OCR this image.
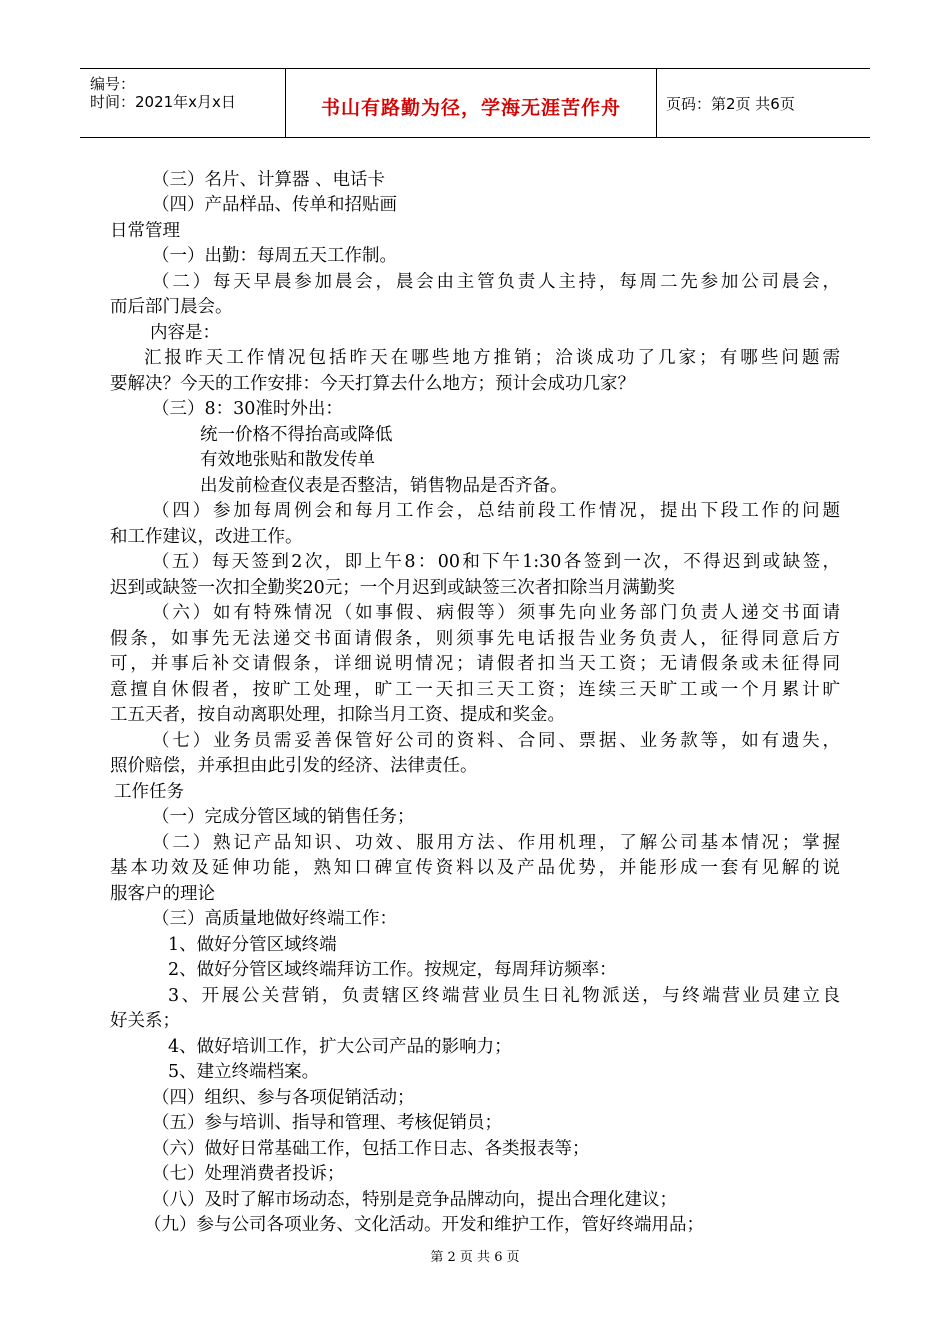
编号：
时间：2021年x月x日	书山有路勤为径，学海无涯苦作舟	页码：第2页 共6页
（三）名片、计算器 、电话卡
（四）产品样品、传单和招贴画
日常管理
（一）出勤：每周五天工作制。
（二）每天早晨参加晨会，晨会由主管负责人主持，每周二先参加公司晨会，
而后部门晨会。
内容是：
汇报昨天工作情况包括昨天在哪些地方推销；洽谈成功了几家；有哪些问题需
要解决？今天的工作安排：今天打算去什么地方；预计会成功几家？
（三）8：30准时外出：
统一价格不得抬高或降低
有效地张贴和散发传单
出发前检查仪表是否整洁，销售物品是否齐备。
（四）参加每周例会和每月工作会，总结前段工作情况，提出下段工作的问题
和工作建议，改进工作。
（五）每天签到2次，即上午8：00和下午1:30各签到一次，不得迟到或缺签，
迟到或缺签一次扣全勤奖20元；一个月迟到或缺签三次者扣除当月满勤奖
（六）如有特殊情况（如事假、病假等）须事先向业务部门负责人递交书面请
假条，如事先无法递交书面请假条，则须事先电话报告业务负责人，征得同意后方
可，并事后补交请假条，详细说明情况；请假者扣当天工资；无请假条或未征得同
意擅自休假者，按旷工处理，旷工一天扣三天工资；连续三天旷工或一个月累计旷
工五天者，按自动离职处理，扣除当月工资、提成和奖金。
（七）业务员需妥善保管好公司的资料、合同、票据、业务款等，如有遗失，
照价赔偿，并承担由此引发的经济、法律责任。
工作任务
（一）完成分管区域的销售任务；
（二）熟记产品知识、功效、服用方法、作用机理，了解公司基本情况；掌握
基本功效及延伸功能，熟知口碑宣传资料以及产品优势，并能形成一套有见解的说
服客户的理论
（三）高质量地做好终端工作：
1、做好分管区域终端
2、做好分管区域终端拜访工作。按规定，每周拜访频率：
3、开展公关营销，负责辖区终端营业员生日礼物派送，与终端营业员建立良
好关系；
4、做好培训工作，扩大公司产品的影响力；
5、建立终端档案。
（四）组织、参与各项促销活动；
（五）参与培训、指导和管理、考核促销员；
（六）做好日常基础工作，包括工作日志、各类报表等；
（七）处理消费者投诉；
（八）及时了解市场动态，特别是竞争品牌动向，提出合理化建议；
（九）参与公司各项业务、文化活动。开发和维护工作，管好终端用品；
第 2 页 共 6 页
